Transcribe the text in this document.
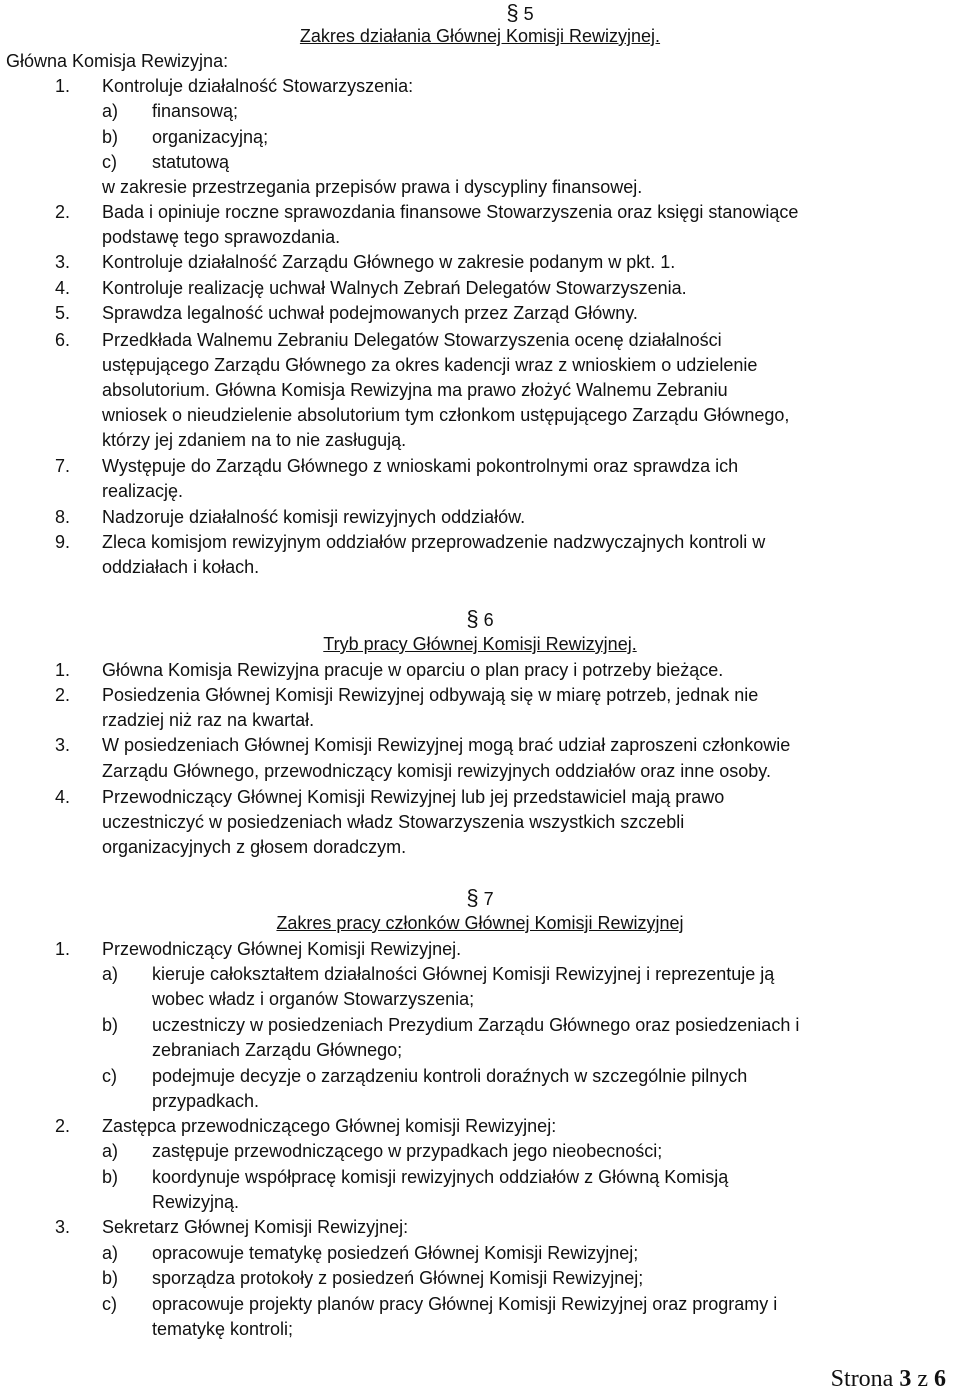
§ 5
Zakres działania Głównej Komisji Rewizyjnej.
Główna Komisja Rewizyjna:
1. Kontroluje działalność Stowarzyszenia:
a) finansową;
b) organizacyjną;
c) statutową
w zakresie przestrzegania przepisów prawa i dyscypliny finansowej.
2. Bada i opiniuje roczne sprawozdania finansowe Stowarzyszenia oraz księgi stanowiące
podstawę tego sprawozdania.
3. Kontroluje działalność Zarządu Głównego w zakresie podanym w pkt. 1.
4. Kontroluje realizację uchwał Walnych Zebrań Delegatów Stowarzyszenia.
5. Sprawdza legalność uchwał podejmowanych przez Zarząd Główny.
6. Przedkłada Walnemu Zebraniu Delegatów Stowarzyszenia ocenę działalności
ustępującego Zarządu Głównego za okres kadencji wraz z wnioskiem o udzielenie
absolutorium. Główna Komisja Rewizyjna ma prawo złożyć Walnemu Zebraniu
wniosek o nieudzielenie absolutorium tym członkom ustępującego Zarządu Głównego,
którzy jej zdaniem na to nie zasługują.
7. Występuje do Zarządu Głównego z wnioskami pokontrolnymi oraz sprawdza ich
realizację.
8. Nadzoruje działalność komisji rewizyjnych oddziałów.
9. Zleca komisjom rewizyjnym oddziałów przeprowadzenie nadzwyczajnych kontroli w
oddziałach i kołach.
§ 6
Tryb pracy Głównej Komisji Rewizyjnej.
1. Główna Komisja Rewizyjna pracuje w oparciu o plan pracy i potrzeby bieżące.
2. Posiedzenia Głównej Komisji Rewizyjnej odbywają się w miarę potrzeb, jednak nie
rzadziej niż raz na kwartał.
3. W posiedzeniach Głównej Komisji Rewizyjnej mogą brać udział zaproszeni członkowie
Zarządu Głównego, przewodniczący komisji rewizyjnych oddziałów oraz inne osoby.
4. Przewodniczący Głównej Komisji Rewizyjnej lub jej przedstawiciel mają prawo
uczestniczyć w posiedzeniach władz Stowarzyszenia wszystkich szczebli
organizacyjnych z głosem doradczym.
§ 7
Zakres pracy członków Głównej Komisji Rewizyjnej
1. Przewodniczący Głównej Komisji Rewizyjnej.
a) kieruje całokształtem działalności Głównej Komisji Rewizyjnej i reprezentuje ją
wobec władz i organów Stowarzyszenia;
b) uczestniczy w posiedzeniach Prezydium Zarządu Głównego oraz posiedzeniach i
zebraniach Zarządu Głównego;
c) podejmuje decyzje o zarządzeniu kontroli doraźnych w szczególnie pilnych
przypadkach.
2. Zastępca przewodniczącego Głównej komisji Rewizyjnej:
a) zastępuje przewodniczącego w przypadkach jego nieobecności;
b) koordynuje współpracę komisji rewizyjnych oddziałów z Główną Komisją
Rewizyjną.
3. Sekretarz Głównej Komisji Rewizyjnej:
a) opracowuje tematykę posiedzeń Głównej Komisji Rewizyjnej;
b) sporządza protokoły z posiedzeń Głównej Komisji Rewizyjnej;
c) opracowuje projekty planów pracy Głównej Komisji Rewizyjnej oraz programy i
tematykę kontroli;
Strona 3 z 6
